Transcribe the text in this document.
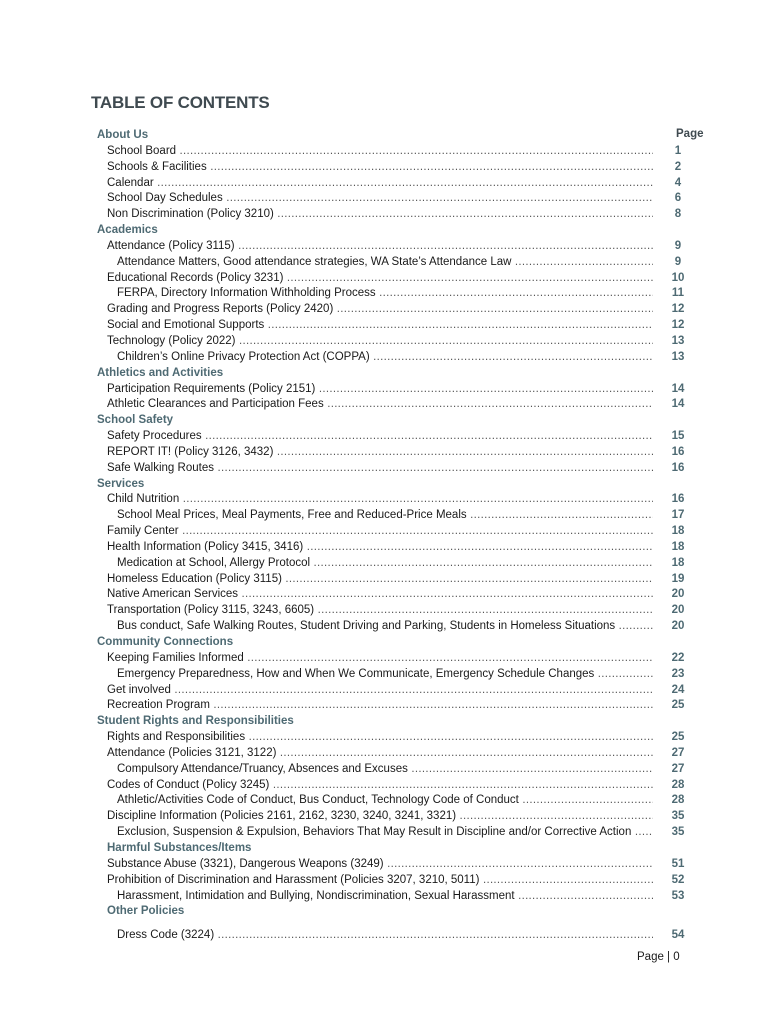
TABLE OF CONTENTS
Page
About Us
School Board .....	1
Schools & Facilities .....	2
Calendar .....	4
School Day Schedules .....	6
Non Discrimination (Policy 3210) .....	8
Academics
Attendance (Policy 3115) .....	9
Attendance Matters, Good attendance strategies, WA State’s Attendance Law .....	9
Educational Records (Policy 3231) .....	10
FERPA, Directory Information Withholding Process .....	11
Grading and Progress Reports (Policy 2420) .....	12
Social and Emotional Supports .....	12
Technology (Policy 2022) .....	13
Children’s Online Privacy Protection Act (COPPA) .....	13
Athletics and Activities
Participation Requirements (Policy 2151) .....	14
Athletic Clearances and Participation Fees .....	14
School Safety
Safety Procedures .....	15
REPORT IT! (Policy 3126, 3432) .....	16
Safe Walking Routes .....	16
Services
Child Nutrition .....	16
School Meal Prices, Meal Payments, Free and Reduced-Price Meals .....	17
Family Center .....	18
Health Information (Policy 3415, 3416) .....	18
Medication at School, Allergy Protocol .....	18
Homeless Education (Policy 3115) .....	19
Native American Services .....	20
Transportation (Policy 3115, 3243, 6605) .....	20
Bus conduct, Safe Walking Routes, Student Driving and Parking, Students in Homeless Situations .....	20
Community Connections
Keeping Families Informed .....	22
Emergency Preparedness, How and When We Communicate, Emergency Schedule Changes .....	23
Get involved .....	24
Recreation Program .....	25
Student Rights and Responsibilities
Rights and Responsibilities .....	25
Attendance (Policies 3121, 3122) .....	27
Compulsory Attendance/Truancy, Absences and Excuses .....	27
Codes of Conduct (Policy 3245) .....	28
Athletic/Activities Code of Conduct, Bus Conduct, Technology Code of Conduct .....	28
Discipline Information (Policies 2161, 2162, 3230, 3240, 3241, 3321) .....	35
Exclusion, Suspension & Expulsion, Behaviors That May Result in Discipline and/or Corrective Action .....	35
Harmful Substances/Items
Substance Abuse (3321), Dangerous Weapons (3249) .....	51
Prohibition of Discrimination and Harassment (Policies 3207, 3210, 5011) .....	52
Harassment, Intimidation and Bullying, Nondiscrimination, Sexual Harassment .....	53
Other Policies
Dress Code (3224) .....	54
Page | 0
